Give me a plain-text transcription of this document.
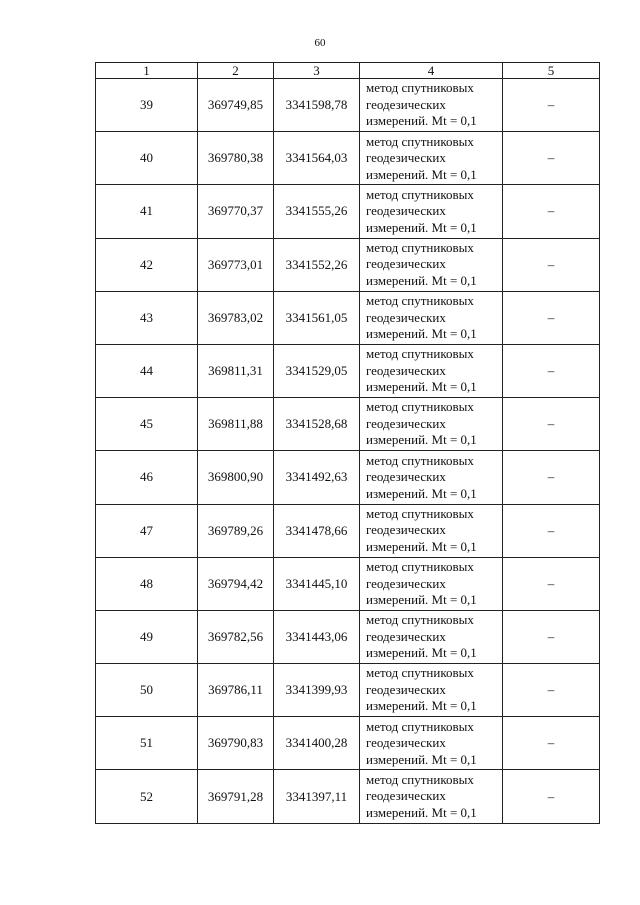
60
1	2	3	4	5
39	369749,85	3341598,78	метод спутниковых
геодезических
измерений. Mt = 0,1	–
40	369780,38	3341564,03	метод спутниковых
геодезических
измерений. Mt = 0,1	–
41	369770,37	3341555,26	метод спутниковых
геодезических
измерений. Mt = 0,1	–
42	369773,01	3341552,26	метод спутниковых
геодезических
измерений. Mt = 0,1	–
43	369783,02	3341561,05	метод спутниковых
геодезических
измерений. Mt = 0,1	–
44	369811,31	3341529,05	метод спутниковых
геодезических
измерений. Mt = 0,1	–
45	369811,88	3341528,68	метод спутниковых
геодезических
измерений. Mt = 0,1	–
46	369800,90	3341492,63	метод спутниковых
геодезических
измерений. Mt = 0,1	–
47	369789,26	3341478,66	метод спутниковых
геодезических
измерений. Mt = 0,1	–
48	369794,42	3341445,10	метод спутниковых
геодезических
измерений. Mt = 0,1	–
49	369782,56	3341443,06	метод спутниковых
геодезических
измерений. Mt = 0,1	–
50	369786,11	3341399,93	метод спутниковых
геодезических
измерений. Mt = 0,1	–
51	369790,83	3341400,28	метод спутниковых
геодезических
измерений. Mt = 0,1	–
52	369791,28	3341397,11	метод спутниковых
геодезических
измерений. Mt = 0,1	–
